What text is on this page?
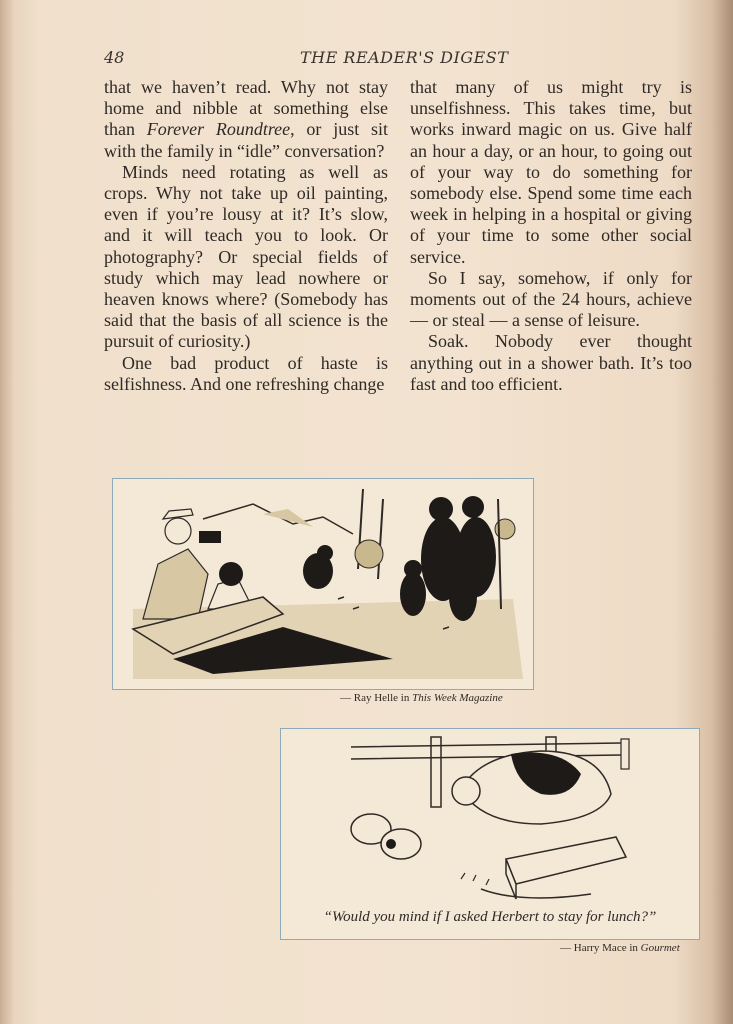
48	THE READER'S DIGEST

that we haven’t read. Why not stay home and nibble at something else than Forever Roundtree, or just sit with the family in “idle” conversation?

Minds need rotating as well as crops. Why not take up oil painting, even if you’re lousy at it? It’s slow, and it will teach you to look. Or photography? Or special fields of study which may lead nowhere or heaven knows where? (Somebody has said that the basis of all science is the pursuit of curiosity.)

One bad product of haste is selfishness. And one refreshing change

that many of us might try is unselfishness. This takes time, but works inward magic on us. Give half an hour a day, or an hour, to going out of your way to do something for somebody else. Spend some time each week in helping in a hospital or giving of your time to some other social service.

So I say, somehow, if only for moments out of the 24 hours, achieve — or steal — a sense of leisure.

Soak. Nobody ever thought anything out in a shower bath. It’s too fast and too efficient.

— Ray Helle in This Week Magazine
“Would you mind if I asked Herbert to stay for lunch?”
— Harry Mace in Gourmet
